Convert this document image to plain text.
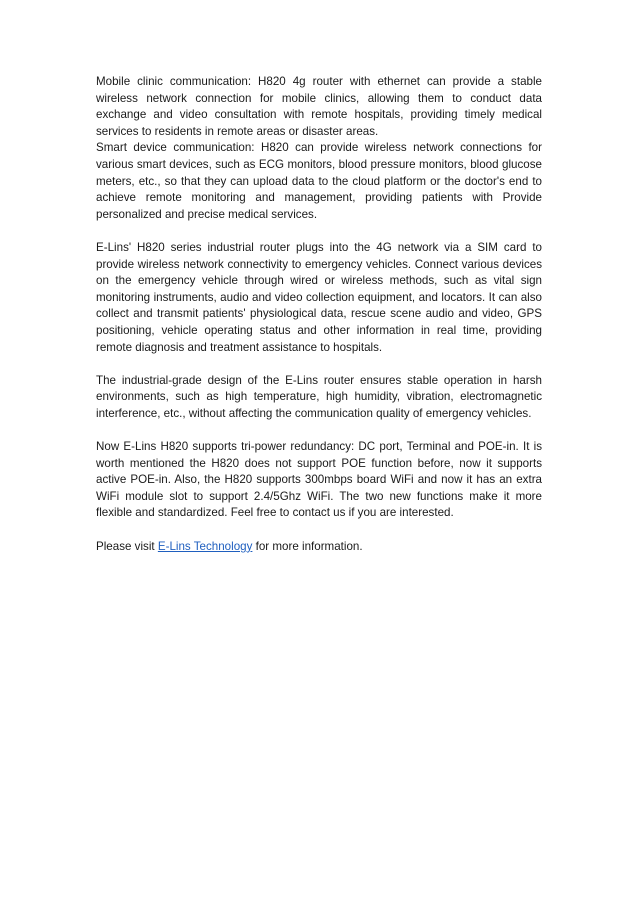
Mobile clinic communication: H820 4g router with ethernet can provide a stable wireless network connection for mobile clinics, allowing them to conduct data exchange and video consultation with remote hospitals, providing timely medical services to residents in remote areas or disaster areas.

Smart device communication: H820 can provide wireless network connections for various smart devices, such as ECG monitors, blood pressure monitors, blood glucose meters, etc., so that they can upload data to the cloud platform or the doctor's end to achieve remote monitoring and management, providing patients with Provide personalized and precise medical services.

E-Lins' H820 series industrial router plugs into the 4G network via a SIM card to provide wireless network connectivity to emergency vehicles. Connect various devices on the emergency vehicle through wired or wireless methods, such as vital sign monitoring instruments, audio and video collection equipment, and locators. It can also collect and transmit patients' physiological data, rescue scene audio and video, GPS positioning, vehicle operating status and other information in real time, providing remote diagnosis and treatment assistance to hospitals.

The industrial-grade design of the E-Lins router ensures stable operation in harsh environments, such as high temperature, high humidity, vibration, electromagnetic interference, etc., without affecting the communication quality of emergency vehicles.

Now E-Lins H820 supports tri-power redundancy: DC port, Terminal and POE-in. It is worth mentioned the H820 does not support POE function before, now it supports active POE-in. Also, the H820 supports 300mbps board WiFi and now it has an extra WiFi module slot to support 2.4/5Ghz WiFi. The two new functions make it more flexible and standardized. Feel free to contact us if you are interested.

Please visit E-Lins Technology for more information.
